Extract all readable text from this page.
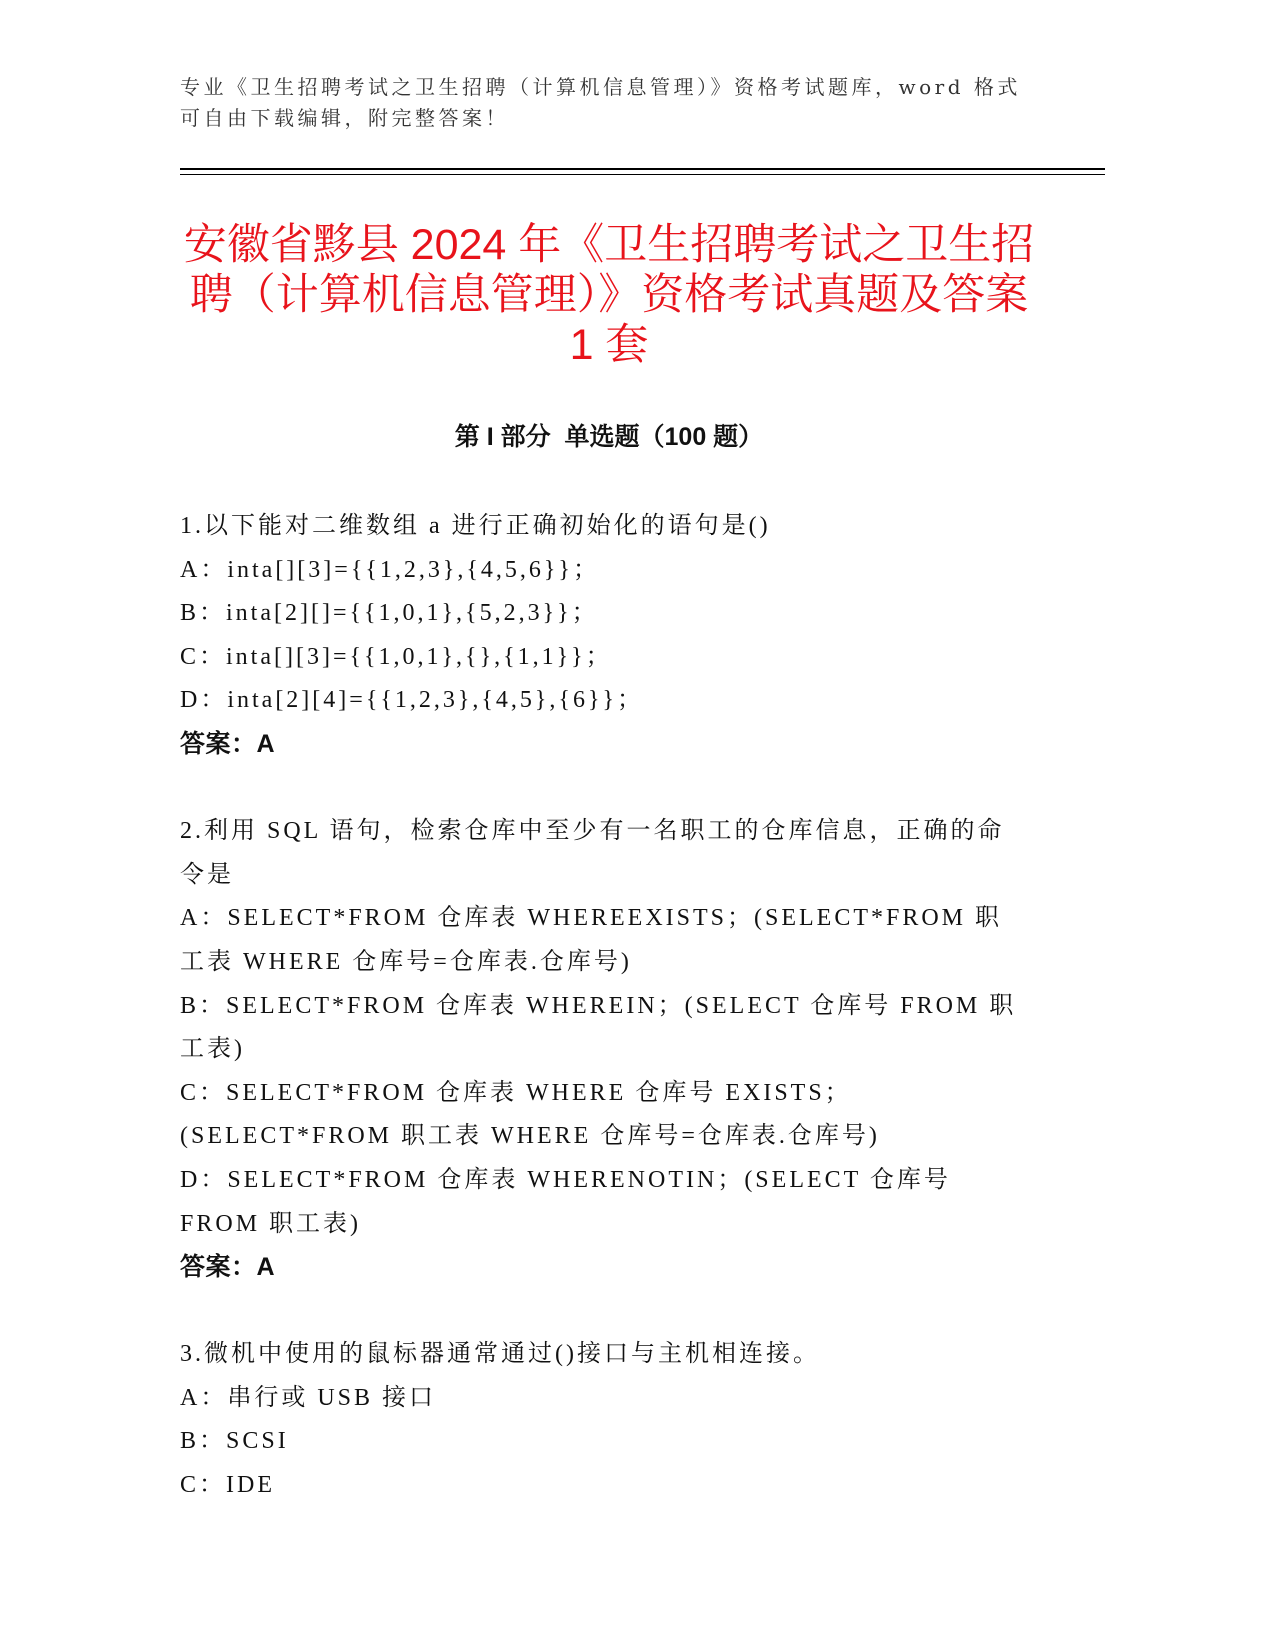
专业《卫生招聘考试之卫生招聘（计算机信息管理）》资格考试题库，word 格式
可自由下载编辑，附完整答案！
安徽省黟县 2024 年《卫生招聘考试之卫生招聘（计算机信息管理）》资格考试真题及答案 1 套
第 I 部分  单选题（100 题）

1.以下能对二维数组 a 进行正确初始化的语句是()

A：inta[][3]={{1,2,3},{4,5,6}}；

B：inta[2][]={{1,0,1},{5,2,3}}；

C：inta[][3]={{1,0,1},{},{1,1}}；

D：inta[2][4]={{1,2,3},{4,5},{6}}；

答案：A

2.利用 SQL 语句，检索仓库中至少有一名职工的仓库信息，正确的命令是

A：SELECT*FROM 仓库表 WHEREEXISTS；(SELECT*FROM 职工表 WHERE 仓库号=仓库表.仓库号)

B：SELECT*FROM 仓库表 WHEREIN；(SELECT 仓库号 FROM 职工表)

C：SELECT*FROM 仓库表 WHERE 仓库号 EXISTS；(SELECT*FROM 职工表 WHERE 仓库号=仓库表.仓库号)

D：SELECT*FROM 仓库表 WHERENOTIN；(SELECT 仓库号 FROM 职工表)

答案：A

3.微机中使用的鼠标器通常通过()接口与主机相连接。

A：串行或 USB 接口

B：SCSI

C：IDE
